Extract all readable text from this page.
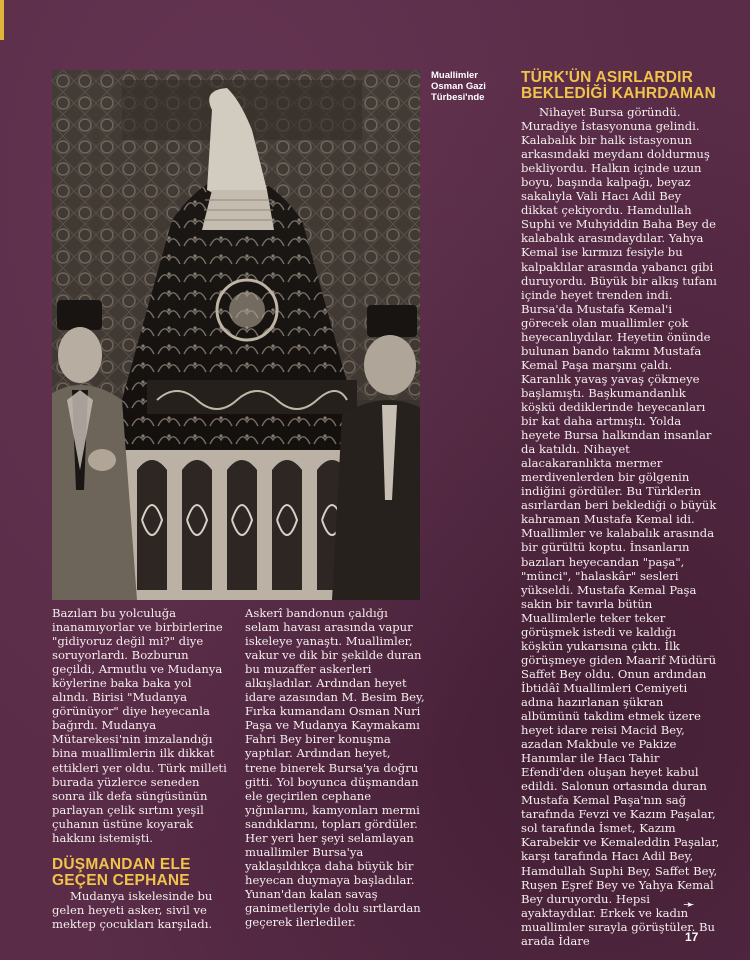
Muallimler Osman Gazi Türbesi'nde

Bazıları bu yolculuğa inanamıyorlar ve birbirlerine "gidiyoruz değil mi?" diye soruyorlardı. Bozburun geçildi, Armutlu ve Mudanya köylerine baka baka yol alındı. Birisi "Mudanya görünüyor" diye heyecanla bağırdı. Mudanya Mütarekesi'nin imzalandığı bina muallimlerin ilk dikkat ettikleri yer oldu. Türk milleti burada yüzlerce seneden sonra ilk defa süngüsünün parlayan çelik sırtını yeşil çuhanın üstüne koyarak hakkını istemişti.

DÜŞMANDAN ELE GEÇEN CEPHANE

Mudanya iskelesinde bu gelen heyeti asker, sivil ve mektep çocukları karşıladı.

Askerî bandonun çaldığı selam havası arasında vapur iskeleye yanaştı. Muallimler, vakur ve dik bir şekilde duran bu muzaffer askerleri alkışladılar. Ardından heyet idare azasından M. Besim Bey, Fırka kumandanı Osman Nuri Paşa ve Mudanya Kaymakamı Fahri Bey birer konuşma yaptılar. Ardından heyet, trene binerek Bursa'ya doğru gitti. Yol boyunca düşmandan ele geçirilen cephane yığınlarını, kamyonları mermi sandıklarını, topları gördüler. Her yeri her şeyi selamlayan muallimler Bursa'ya yaklaşıldıkça daha büyük bir heyecan duymaya başladılar. Yunan'dan kalan savaş ganimetleriyle dolu sırtlardan geçerek ilerlediler.

TÜRK'ÜN ASIRLARDIR BEKLEDİĞİ KAHRDAMAN

Nihayet Bursa göründü. Muradiye İstasyonuna gelindi. Kalabalık bir halk istasyonun arkasındaki meydanı doldurmuş bekliyordu. Halkın içinde uzun boyu, başında kalpağı, beyaz sakalıyla Vali Hacı Adil Bey dikkat çekiyordu. Hamdullah Suphi ve Muhyiddin Baha Bey de kalabalık arasındaydılar. Yahya Kemal ise kırmızı fesiyle bu kalpaklılar arasında yabancı gibi duruyordu. Büyük bir alkış tufanı içinde heyet trenden indi. Bursa'da Mustafa Kemal'i görecek olan muallimler çok heyecanlıydılar. Heyetin önünde bulunan bando takımı Mustafa Kemal Paşa marşını çaldı. Karanlık yavaş yavaş çökmeye başlamıştı. Başkumandanlık köşkü dediklerinde heyecanları bir kat daha artmıştı. Yolda heyete Bursa halkından insanlar da katıldı. Nihayet alacakaranlıkta mermer merdivenlerden bir gölgenin indiğini gördüler. Bu Türklerin asırlardan beri beklediği o büyük kahraman Mustafa Kemal idi. Muallimler ve kalabalık arasında bir gürültü koptu. İnsanların bazıları heyecandan "paşa", "münci", "halaskâr" sesleri yükseldi. Mustafa Kemal Paşa sakin bir tavırla bütün Muallimlerle teker teker görüşmek istedi ve kaldığı köşkün yukarısına çıktı. İlk görüşmeye giden Maarif Müdürü Saffet Bey oldu. Onun ardından İbtidâî Muallimleri Cemiyeti adına hazırlanan şükran albümünü takdim etmek üzere heyet idare reisi Macid Bey, azadan Makbule ve Pakize Hanımlar ile Hacı Tahir Efendi'den oluşan heyet kabul edildi. Salonun ortasında duran Mustafa Kemal Paşa'nın sağ tarafında Fevzi ve Kazım Paşalar, sol tarafında İsmet, Kazım Karabekir ve Kemaleddin Paşalar, karşı tarafında Hacı Adil Bey, Hamdullah Suphi Bey, Saffet Bey, Ruşen Eşref Bey ve Yahya Kemal Bey duruyordu. Hepsi ayaktaydılar. Erkek ve kadın muallimler sırayla görüştüler. Bu arada İdare

➛
17
